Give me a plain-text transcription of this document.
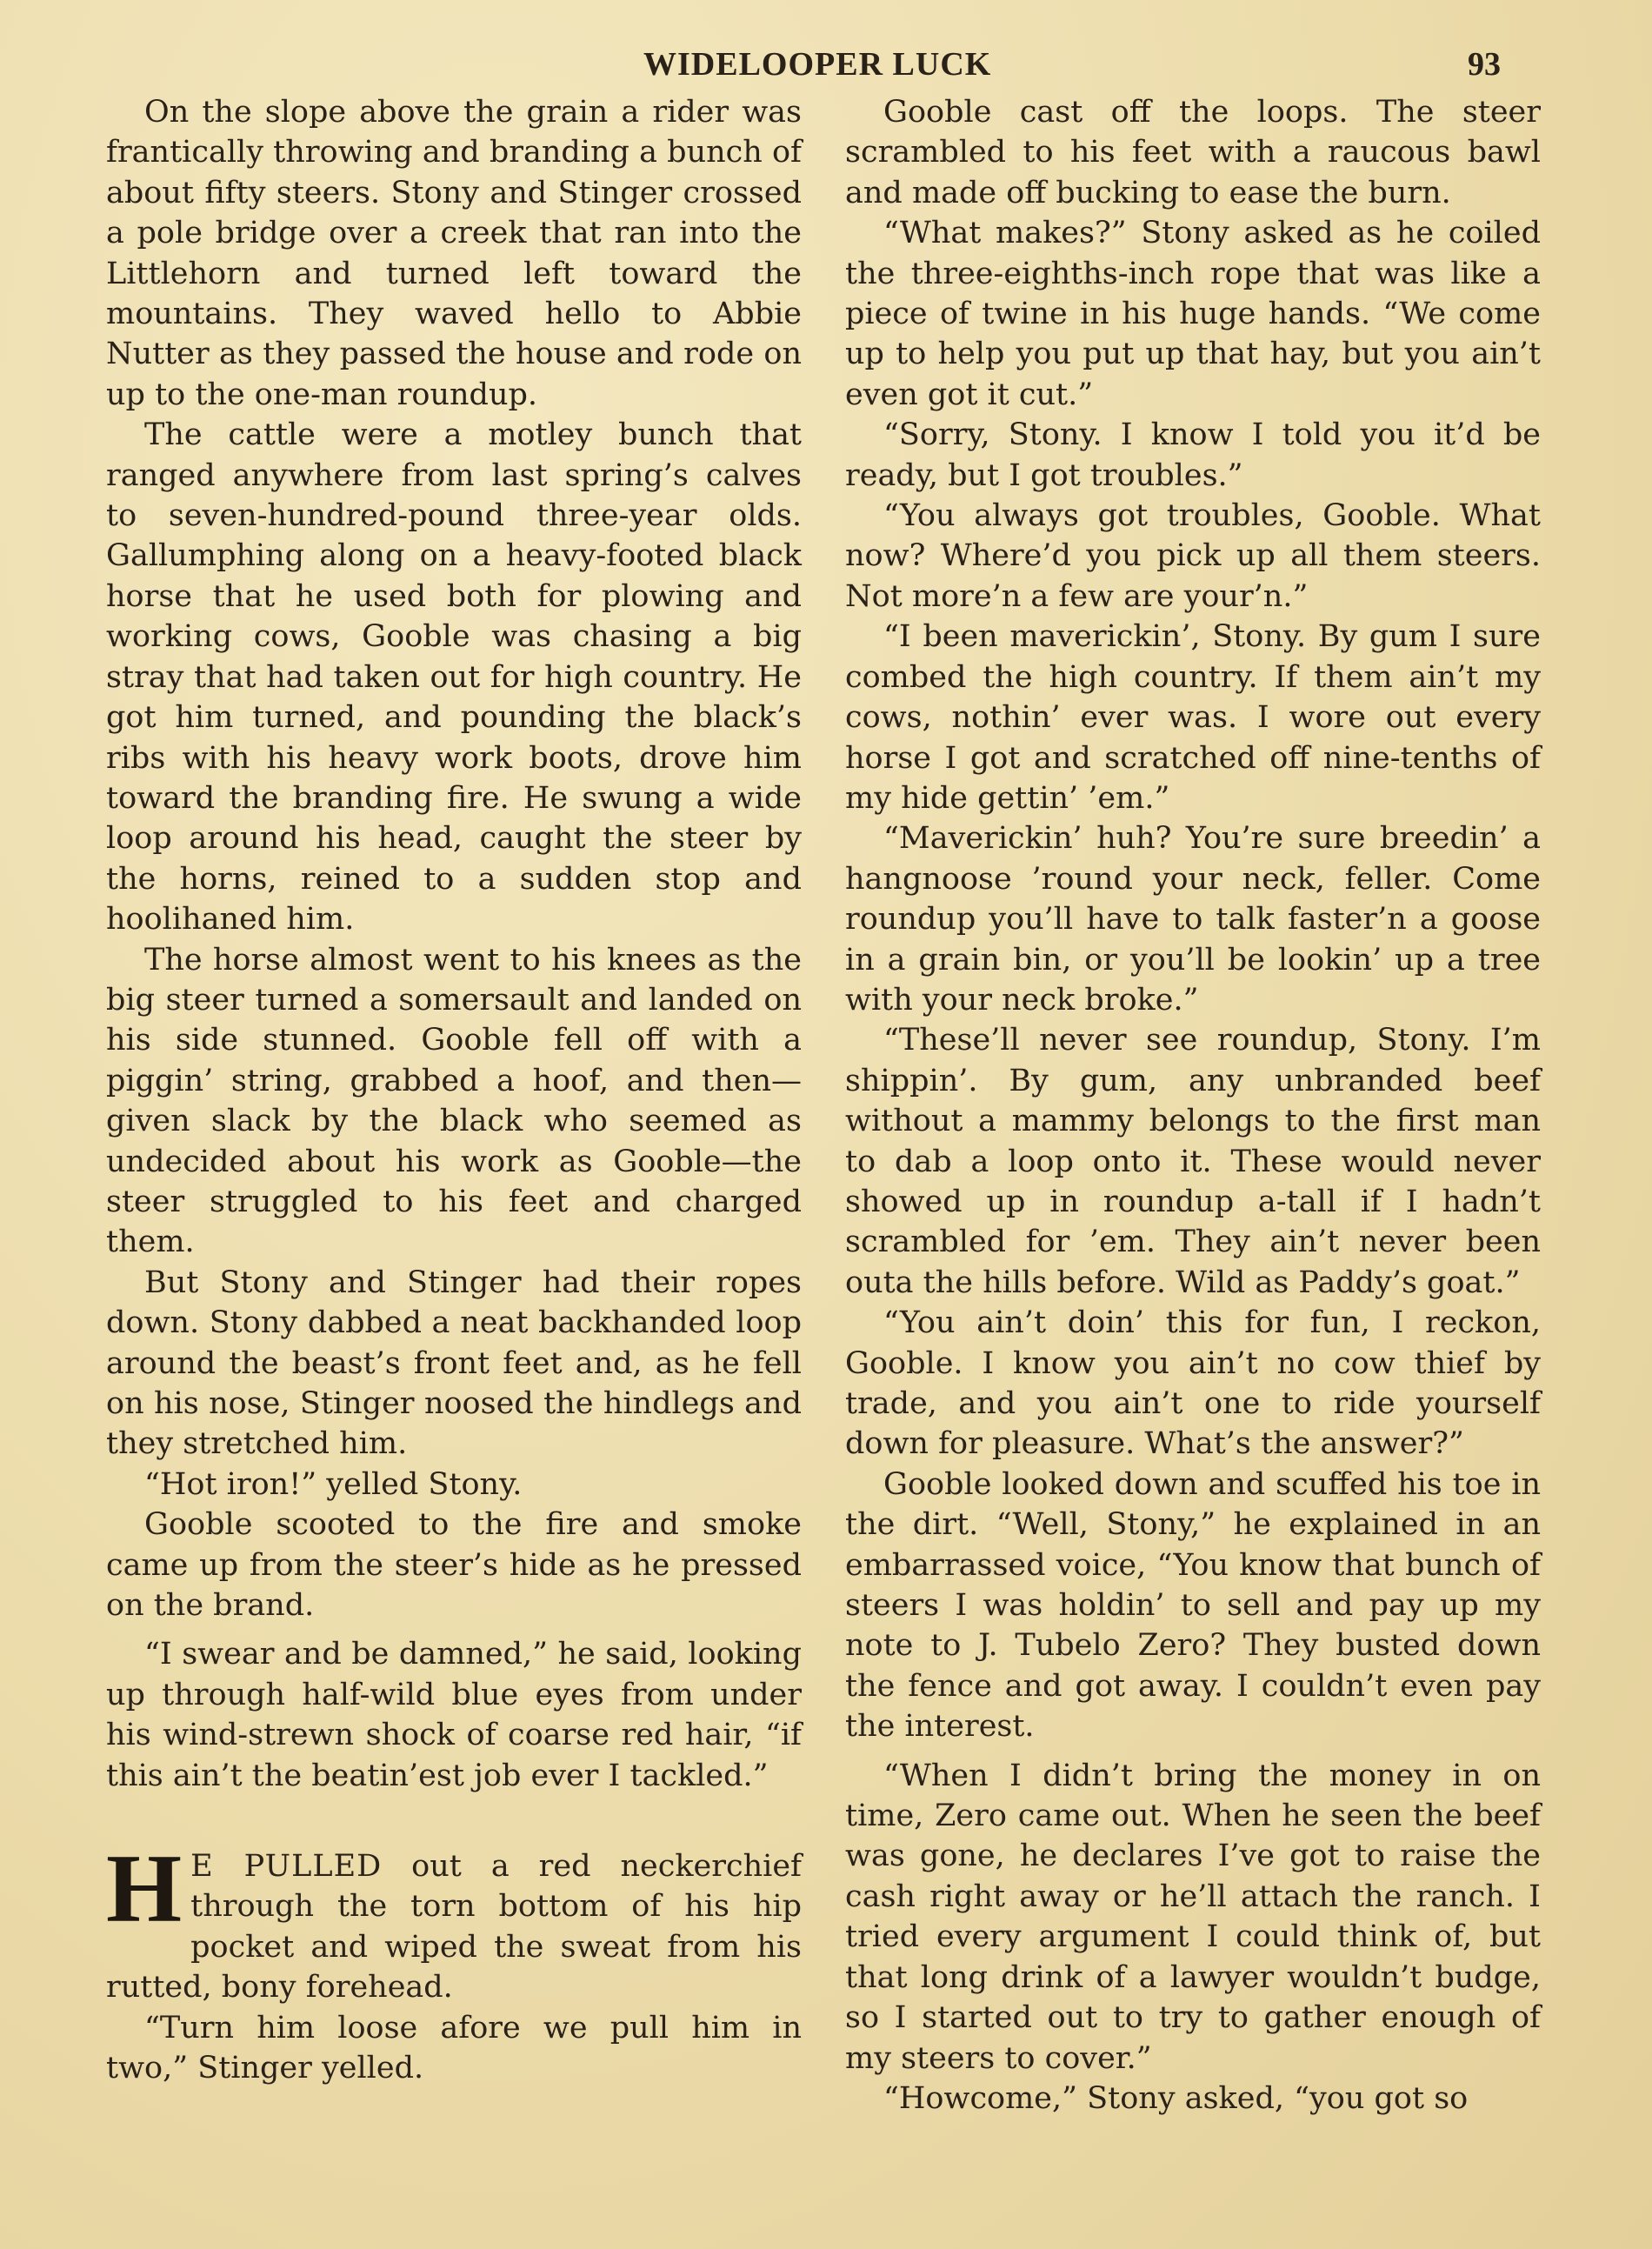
WIDELOOPER LUCK	93

On the slope above the grain a rider was frantically throwing and branding a bunch of about fifty steers. Stony and Stinger crossed a pole bridge over a creek that ran into the Littlehorn and turned left toward the mountains. They waved hello to Abbie Nutter as they passed the house and rode on up to the one-man roundup.

The cattle were a motley bunch that ranged anywhere from last spring’s calves to seven-hundred-pound three-year olds. Gallumphing along on a heavy-footed black horse that he used both for plowing and working cows, Gooble was chasing a big stray that had taken out for high country. He got him turned, and pounding the black’s ribs with his heavy work boots, drove him toward the branding fire. He swung a wide loop around his head, caught the steer by the horns, reined to a sudden stop and hoolihaned him.

The horse almost went to his knees as the big steer turned a somersault and landed on his side stunned. Gooble fell off with a piggin’ string, grabbed a hoof, and then—given slack by the black who seemed as undecided about his work as Gooble—the steer struggled to his feet and charged them.

But Stony and Stinger had their ropes down. Stony dabbed a neat backhanded loop around the beast’s front feet and, as he fell on his nose, Stinger noosed the hindlegs and they stretched him.

“Hot iron!” yelled Stony.

Gooble scooted to the fire and smoke came up from the steer’s hide as he pressed on the brand.

“I swear and be damned,” he said, looking up through half-wild blue eyes from under his wind-strewn shock of coarse red hair, “if this ain’t the beatin’est job ever I tackled.”

H E PULLED out a red neckerchief through the torn bottom of his hip pocket and wiped the sweat from his rutted, bony forehead.

“Turn him loose afore we pull him in two,” Stinger yelled.

Gooble cast off the loops. The steer scrambled to his feet with a raucous bawl and made off bucking to ease the burn.

“What makes?” Stony asked as he coiled the three-eighths-inch rope that was like a piece of twine in his huge hands. “We come up to help you put up that hay, but you ain’t even got it cut.”

“Sorry, Stony. I know I told you it’d be ready, but I got troubles.”

“You always got troubles, Gooble. What now? Where’d you pick up all them steers. Not more’n a few are your’n.”

“I been maverickin’, Stony. By gum I sure combed the high country. If them ain’t my cows, nothin’ ever was. I wore out every horse I got and scratched off nine-tenths of my hide gettin’ ’em.”

“Maverickin’ huh? You’re sure breedin’ a hangnoose ’round your neck, feller. Come roundup you’ll have to talk faster’n a goose in a grain bin, or you’ll be lookin’ up a tree with your neck broke.”

“These’ll never see roundup, Stony. I’m shippin’. By gum, any unbranded beef without a mammy belongs to the first man to dab a loop onto it. These would never showed up in roundup a-tall if I hadn’t scrambled for ’em. They ain’t never been outa the hills before. Wild as Paddy’s goat.”

“You ain’t doin’ this for fun, I reckon, Gooble. I know you ain’t no cow thief by trade, and you ain’t one to ride yourself down for pleasure. What’s the answer?”

Gooble looked down and scuffed his toe in the dirt. “Well, Stony,” he explained in an embarrassed voice, “You know that bunch of steers I was holdin’ to sell and pay up my note to J. Tubelo Zero? They busted down the fence and got away. I couldn’t even pay the interest.

“When I didn’t bring the money in on time, Zero came out. When he seen the beef was gone, he declares I’ve got to raise the cash right away or he’ll attach the ranch. I tried every argument I could think of, but that long drink of a lawyer wouldn’t budge, so I started out to try to gather enough of my steers to cover.”

“Howcome,” Stony asked, “you got so
